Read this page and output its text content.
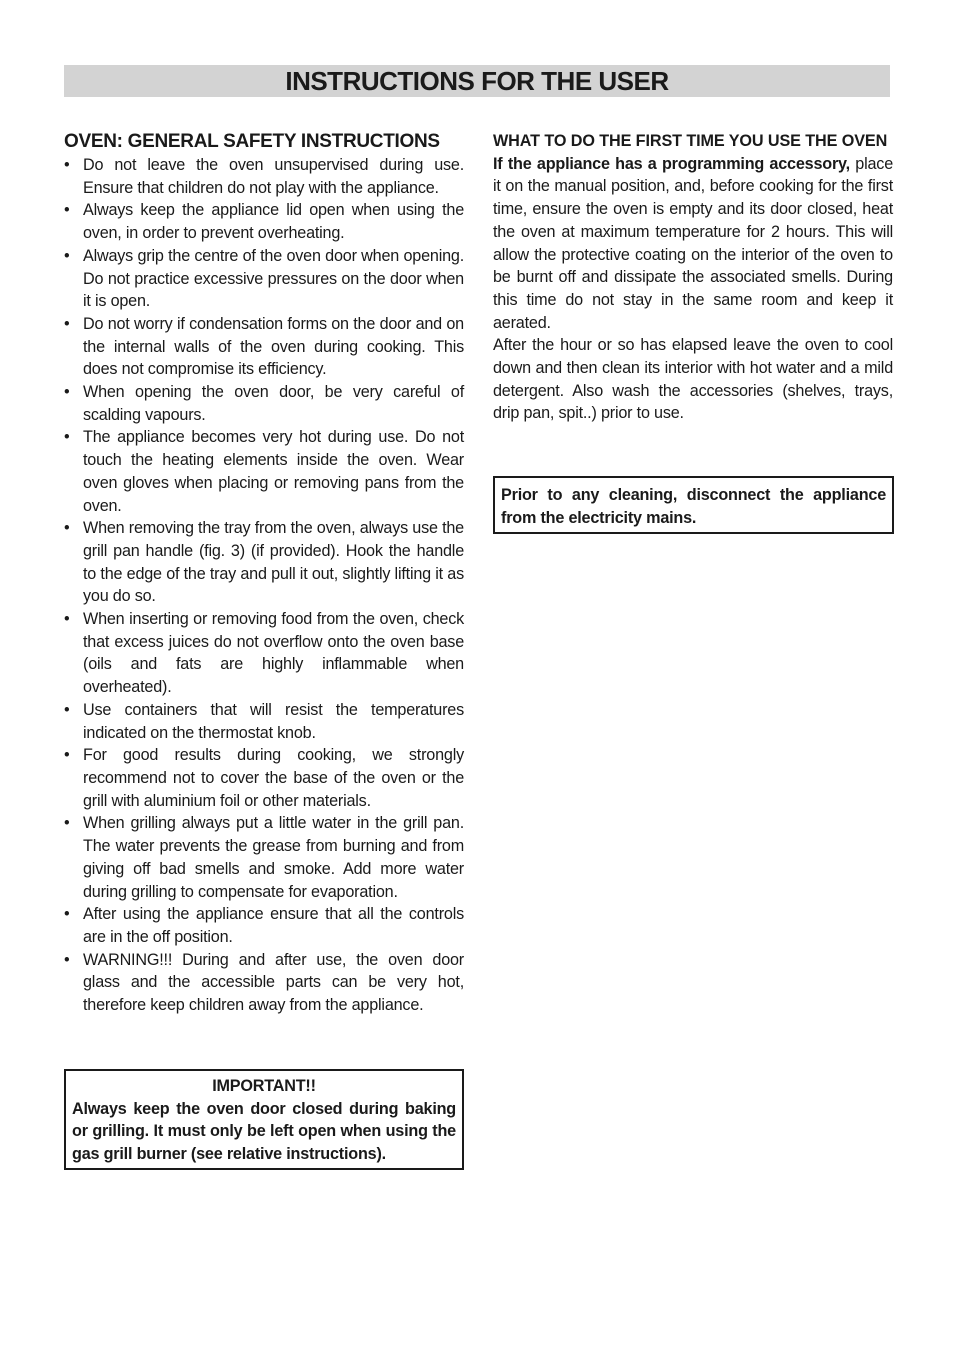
INSTRUCTIONS FOR THE USER
OVEN: GENERAL SAFETY INSTRUCTIONS
• Do not leave the oven unsupervised during use. Ensure that children do not play with the appliance.
• Always keep the appliance lid open when using the oven, in order to prevent overheating.
• Always grip the centre of the oven door when opening. Do not practice excessive pressures on the door when it is open.
• Do not worry if condensation forms on the door and on the internal walls of the oven during cooking. This does not compromise its efficiency.
• When opening the oven door, be very careful of scalding vapours.
• The appliance becomes very hot during use. Do not touch the heating elements inside the oven. Wear oven gloves when placing or removing pans from the oven.
• When removing the tray from the oven, always use the grill pan handle (fig. 3) (if provided). Hook the handle to the edge of the tray and pull it out, slightly lifting it as you do so.
• When inserting or removing food from the oven, check that excess juices do not overflow onto the oven base (oils and fats are highly inflammable when overheated).
• Use containers that will resist the temperatures indicated on the thermostat knob.
• For good results during cooking, we strongly recommend not to cover the base of the oven or the grill with aluminium foil or other materials.
• When grilling always put a little water in the grill pan. The water prevents the grease from burning and from giving off bad smells and smoke. Add more water during grilling to compensate for evaporation.
• After using the appliance ensure that all the controls are in the off position.
• WARNING!!! During and after use, the oven door glass and the accessible parts can be very hot, therefore keep children away from the appliance.
IMPORTANT!!
Always keep the oven door closed during baking or grilling. It must only be left open when using the gas grill burner (see relative instructions).
WHAT TO DO THE FIRST TIME YOU USE THE OVEN

If the appliance has a programming accessory, place it on the manual position, and, before cooking for the first time, ensure the oven is empty and its door closed, heat the oven at maximum temperature for 2 hours. This will allow the protective coating on the interior of the oven to be burnt off and dissipate the associated smells. During this time do not stay in the same room and keep it aerated.

After the hour or so has elapsed leave the oven to cool down and then clean its interior with hot water and a mild detergent. Also wash the accessories (shelves, trays, drip pan, spit..) prior to use.

Prior to any cleaning, disconnect the appliance from the electricity mains.
